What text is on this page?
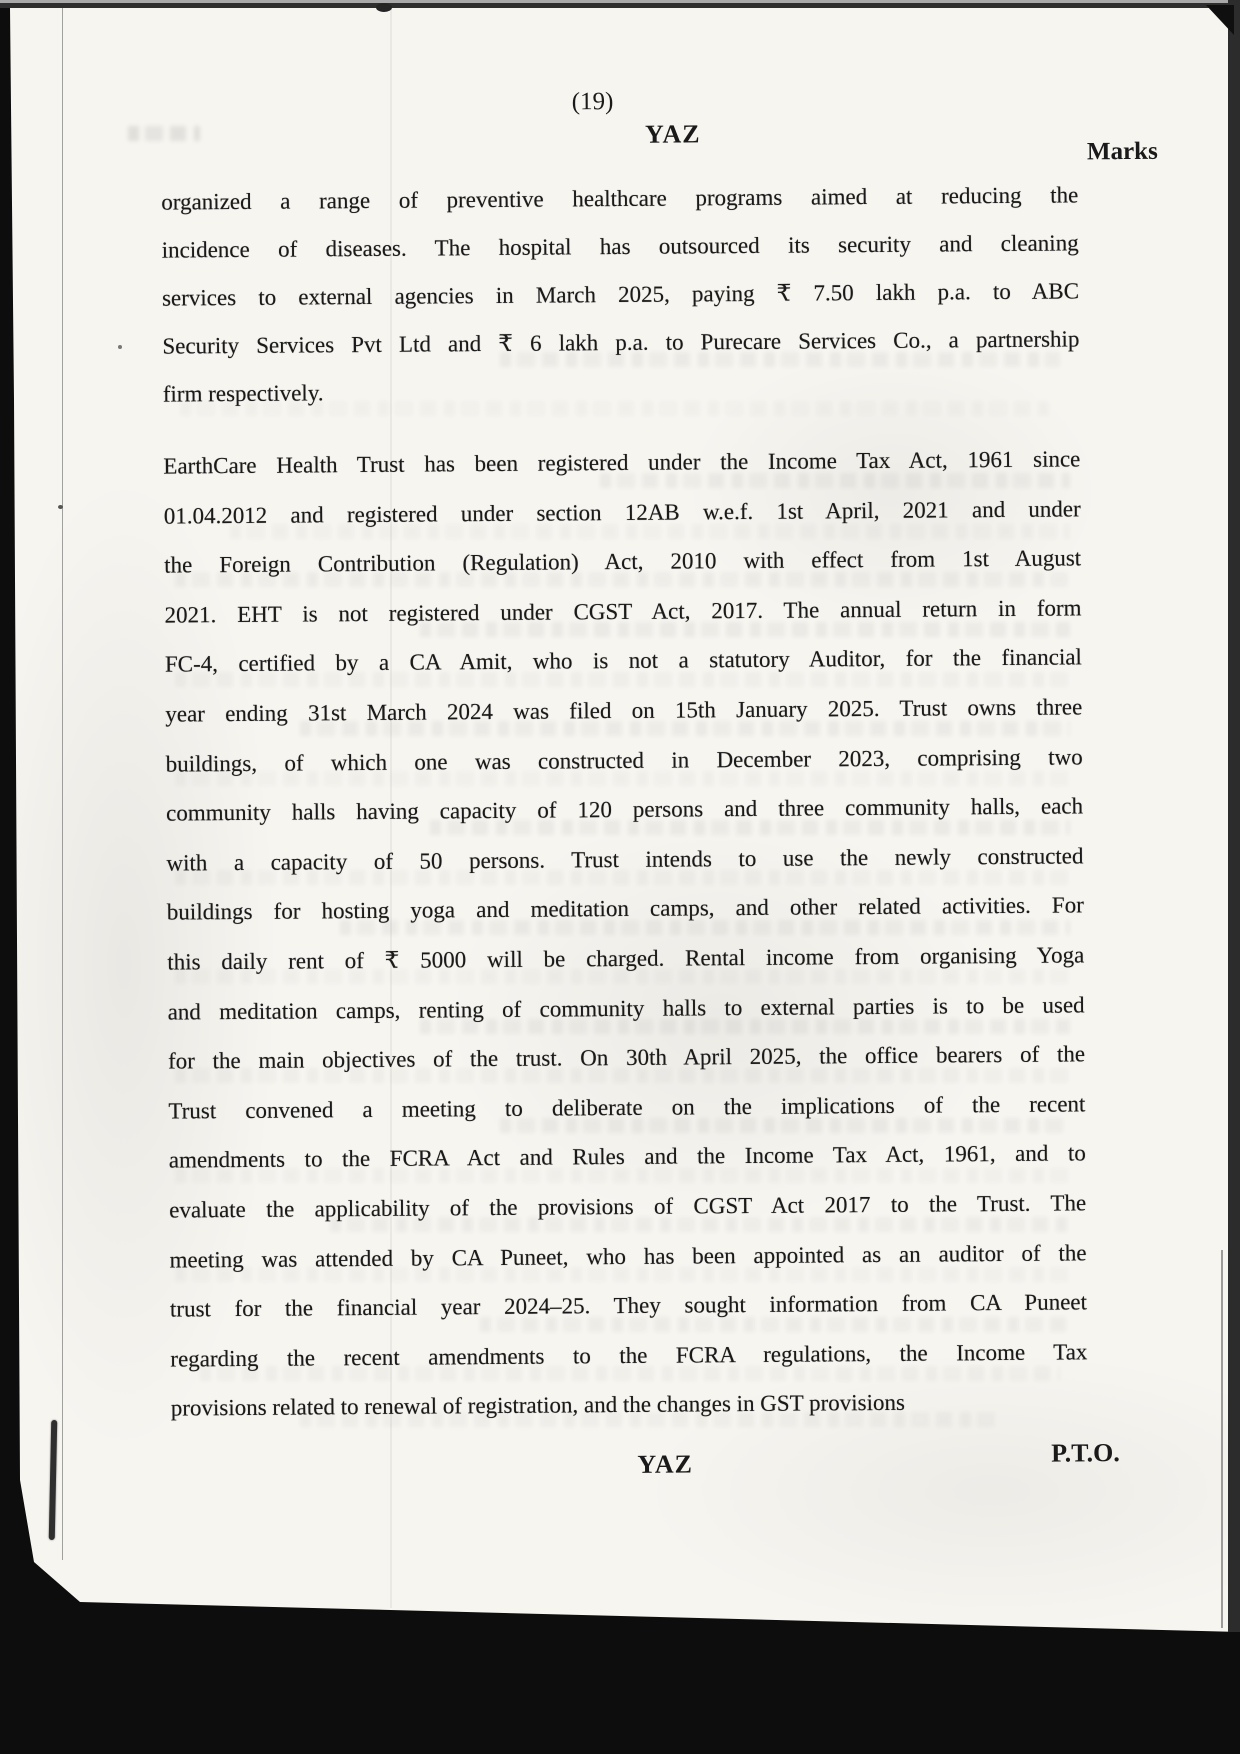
(19)
YAZ
Marks
organized a range of preventive healthcare programs aimed at reducing the
incidence of diseases. The hospital has outsourced its security and cleaning
services to external agencies in March 2025, paying ₹ 7.50 lakh p.a. to ABC
Security Services Pvt Ltd and ₹ 6 lakh p.a. to Purecare Services Co., a partnership
firm respectively.
EarthCare Health Trust has been registered under the Income Tax Act, 1961 since
01.04.2012 and registered under section 12AB w.e.f. 1st April, 2021 and under
the Foreign Contribution (Regulation) Act, 2010 with effect from 1st August
2021. EHT is not registered under CGST Act, 2017. The annual return in form
FC-4, certified by a CA Amit, who is not a statutory Auditor, for the financial
year ending 31st March 2024 was filed on 15th January 2025. Trust owns three
buildings, of which one was constructed in December 2023, comprising two
community halls having capacity of 120 persons and three community halls, each
with a capacity of 50 persons. Trust intends to use the newly constructed
buildings for hosting yoga and meditation camps, and other related activities. For
this daily rent of ₹ 5000 will be charged. Rental income from organising Yoga
and meditation camps, renting of community halls to external parties is to be used
for the main objectives of the trust. On 30th April 2025, the office bearers of the
Trust convened a meeting to deliberate on the implications of the recent
amendments to the FCRA Act and Rules and the Income Tax Act, 1961, and to
evaluate the applicability of the provisions of CGST Act 2017 to the Trust. The
meeting was attended by CA Puneet, who has been appointed as an auditor of the
trust for the financial year 2024–25. They sought information from CA Puneet
regarding the recent amendments to the FCRA regulations, the Income Tax
provisions related to renewal of registration, and the changes in GST provisions
YAZ	P.T.O.
